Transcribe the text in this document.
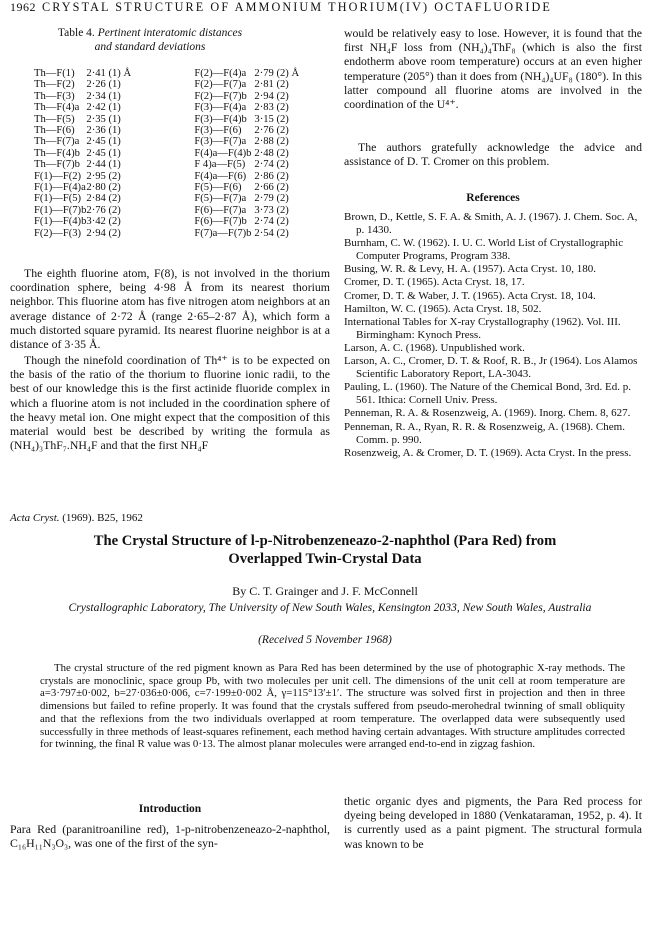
1962 CRYSTAL STRUCTURE OF AMMONIUM THORIUM(IV) OCTAFLUORIDE
Table 4. Pertinent interatomic distances
and standard deviations
Th—F(1)	2·41 (1) Å	F(2)—F(4)a	2·79 (2) Å
Th—F(2)	2·26 (1)	F(2)—F(7)a	2·81 (2)
Th—F(3)	2·34 (1)	F(2)—F(7)b	2·94 (2)
Th—F(4)a	2·42 (1)	F(3)—F(4)a	2·83 (2)
Th—F(5)	2·35 (1)	F(3)—F(4)b	3·15 (2)
Th—F(6)	2·36 (1)	F(3)—F(6)	2·76 (2)
Th—F(7)a	2·45 (1)	F(3)—F(7)a	2·88 (2)
Th—F(4)b	2·45 (1)	F(4)a—F(4)b	2·48 (2)
Th—F(7)b	2·44 (1)	F 4)a—F(5)	2·74 (2)
F(1)—F(2)	2·95 (2)	F(4)a—F(6)	2·86 (2)
F(1)—F(4)a	2·80 (2)	F(5)—F(6)	2·66 (2)
F(1)—F(5)	2·84 (2)	F(5)—F(7)a	2·79 (2)
F(1)—F(7)b	2·76 (2)	F(6)—F(7)a	3·73 (2)
F(1)—F(4)b	3·42 (2)	F(6)—F(7)b	2·74 (2)
F(2)—F(3)	2·94 (2)	F(7)a—F(7)b	2·54 (2)

The eighth fluorine atom, F(8), is not involved in the thorium coordination sphere, being 4·98 Å from its nearest thorium neighbor. This fluorine atom has five nitrogen atom neighbors at an average distance of 2·72 Å (range 2·65–2·87 Å), which form a much distorted square pyramid. Its nearest fluorine neighbor is at a distance of 3·35 Å.

Though the ninefold coordination of Th⁴⁺ is to be expected on the basis of the ratio of the thorium to fluorine ionic radii, to the best of our knowledge this is the first actinide fluoride complex in which a fluorine atom is not included in the coordination sphere of the heavy metal ion. One might expect that the composition of this material would best be described by writing the formula as (NH₄)₃ThF₇.NH₄F and that the first NH₄F

would be relatively easy to lose. However, it is found that the first NH₄F loss from (NH₄)₄ThF₈ (which is also the first endotherm above room temperature) occurs at an even higher temperature (205°) than it does from (NH₄)₄UF₈ (180°). In this latter compound all fluorine atoms are involved in the coordination of the U⁴⁺.

The authors gratefully acknowledge the advice and assistance of D. T. Cromer on this problem.

References

Brown, D., Kettle, S. F. A. & Smith, A. J. (1967). J. Chem. Soc. A, p. 1430.

Burnham, C. W. (1962). I. U. C. World List of Crystallographic Computer Programs, Program 338.

Busing, W. R. & Levy, H. A. (1957). Acta Cryst. 10, 180.

Cromer, D. T. (1965). Acta Cryst. 18, 17.

Cromer, D. T. & Waber, J. T. (1965). Acta Cryst. 18, 104.

Hamilton, W. C. (1965). Acta Cryst. 18, 502.

International Tables for X-ray Crystallography (1962). Vol. III. Birmingham: Kynoch Press.

Larson, A. C. (1968). Unpublished work.

Larson, A. C., Cromer, D. T. & Roof, R. B., Jr (1964). Los Alamos Scientific Laboratory Report, LA-3043.

Pauling, L. (1960). The Nature of the Chemical Bond, 3rd. Ed. p. 561. Ithica: Cornell Univ. Press.

Penneman, R. A. & Rosenzweig, A. (1969). Inorg. Chem. 8, 627.

Penneman, R. A., Ryan, R. R. & Rosenzweig, A. (1968). Chem. Comm. p. 990.

Rosenzweig, A. & Cromer, D. T. (1969). Acta Cryst. In the press.

Acta Cryst. (1969). B25, 1962
The Crystal Structure of l-p-Nitrobenzeneazo-2-naphthol (Para Red) from
Overlapped Twin-Crystal Data
By C. T. Grainger and J. F. McConnell
Crystallographic Laboratory, The University of New South Wales, Kensington 2033, New South Wales, Australia
(Received 5 November 1968)

The crystal structure of the red pigment known as Para Red has been determined by the use of photographic X-ray methods. The crystals are monoclinic, space group Pb, with two molecules per unit cell. The dimensions of the unit cell at room temperature are a=3·797±0·002, b=27·036±0·006, c=7·199±0·002 Å, γ=115°13′±1′. The structure was solved first in projection and then in three dimensions but failed to refine properly. It was found that the crystals suffered from pseudo-merohedral twinning of small obliquity and that the reflexions from the two individuals overlapped at room temperature. The overlapped data were subsequently used successfully in three methods of least-squares refinement, each method having certain advantages. With structure amplitudes corrected for twinning, the final R value was 0·13. The almost planar molecules were arranged end-to-end in zigzag fashion.

Introduction

Para Red (paranitroaniline red), 1-p-nitrobenzeneazo-2-naphthol, C₁₆H₁₁N₃O₃, was one of the first of the syn-

thetic organic dyes and pigments, the Para Red process for dyeing being developed in 1880 (Venkataraman, 1952, p. 4). It is currently used as a paint pigment. The structural formula was known to be
